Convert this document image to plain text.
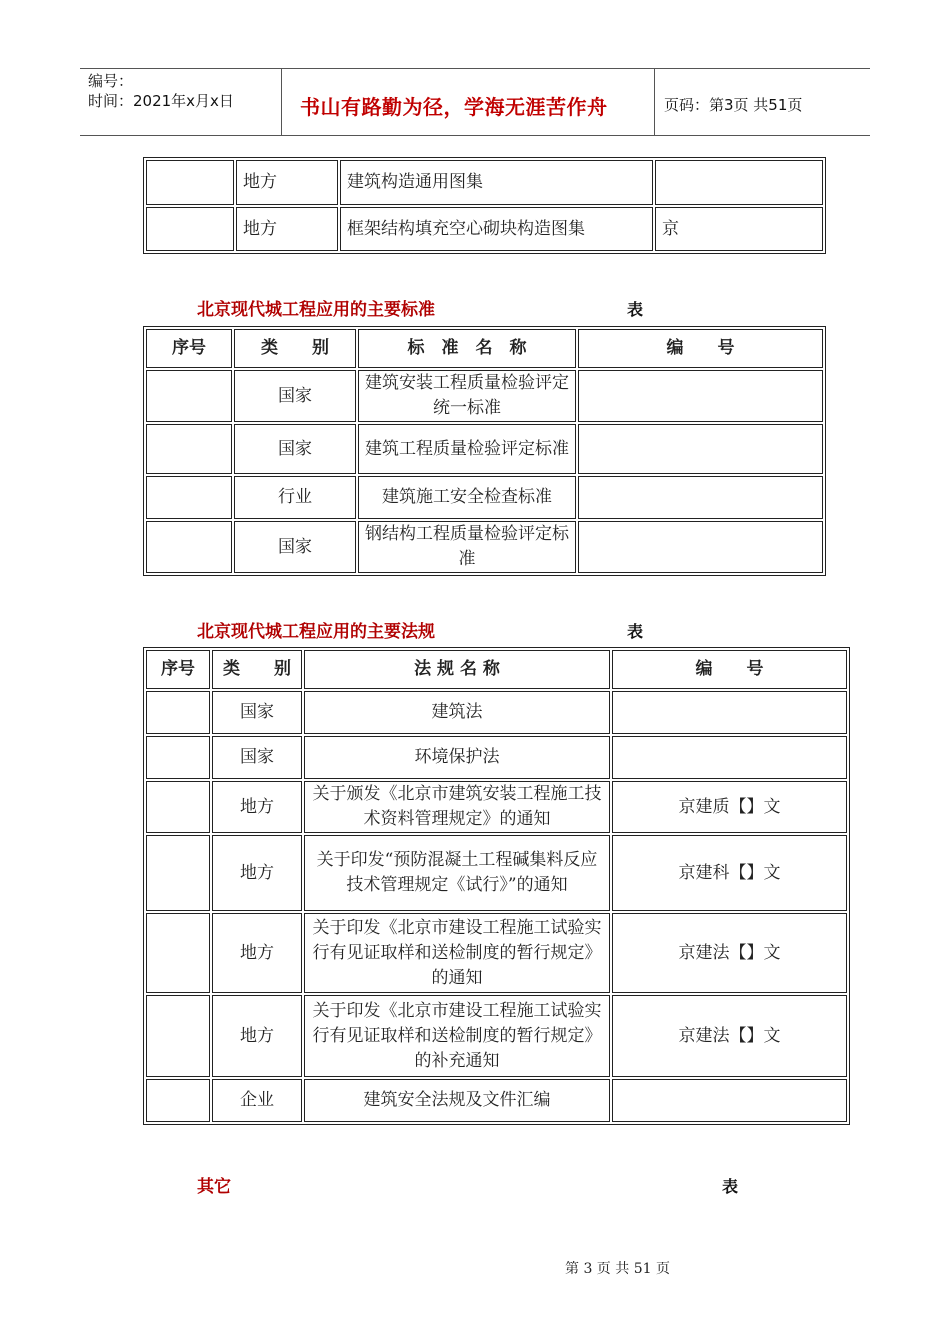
编号：
时间：2021年x月x日	书山有路勤为径，学海无涯苦作舟	页码：第3页 共51页
	地方	建筑构造通用图集	
	地方	框架结构填充空心砌块构造图集	京
北京现代城工程应用的主要标准	表
序号	类　　别	标　准　名　称	编　　号
	国家	建筑安装工程质量检验评定统一标准	
	国家	建筑工程质量检验评定标准	
	行业	建筑施工安全检查标准	
	国家	钢结构工程质量检验评定标准	
北京现代城工程应用的主要法规	表
序号	类　　别	法 规 名 称	编　　号
	国家	建筑法	
	国家	环境保护法	
	地方	关于颁发《北京市建筑安装工程施工技术资料管理规定》的通知	京建质【】文
	地方	关于印发“预防混凝土工程碱集料反应技术管理规定《试行》”的通知	京建科【】文
	地方	关于印发《北京市建设工程施工试验实行有见证取样和送检制度的暂行规定》的通知	京建法【】文
	地方	关于印发《北京市建设工程施工试验实行有见证取样和送检制度的暂行规定》的补充通知	京建法【】文
	企业	建筑安全法规及文件汇编	
其它	表
第 3 页 共 51 页
